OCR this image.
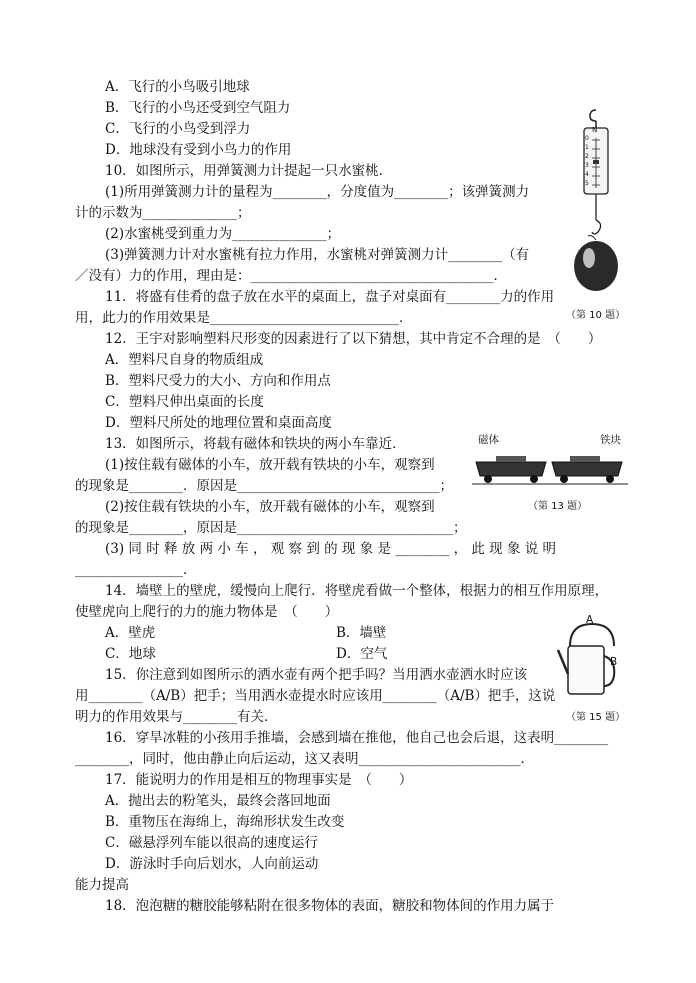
A．飞行的小鸟吸引地球
B．飞行的小鸟还受到空气阻力
C．飞行的小鸟受到浮力
D．地球没有受到小鸟力的作用
10．如图所示，用弹簧测力计提起一只水蜜桃．
(1)所用弹簧测力计的量程为________，分度值为________；该弹簧测力
计的示数为______________；
(2)水蜜桃受到重力为______________；
(3)弹簧测力计对水蜜桃有拉力作用，水蜜桃对弹簧测力计________（有
／没有）力的作用，理由是：____________________________________．
11．将盛有佳肴的盘子放在水平的桌面上，盘子对桌面有________力的作用
用，此力的作用效果是____________________________．
12．王宇对影响塑料尺形变的因素进行了以下猜想，其中肯定不合理的是　（　　）
A．塑料尺自身的物质组成
B．塑料尺受力的大小、方向和作用点
C．塑料尺伸出桌面的长度
D．塑料尺所处的地理位置和桌面高度
13．如图所示，将载有磁体和铁块的两小车靠近．
(1)按住载有磁体的小车，放开载有铁块的小车，观察到
的现象是________．原因是______________________________；
(2)按住载有铁块的小车，放开载有磁体的小车，观察到
的现象是________，原因是________________________________；
(3) 同 时 释 放 两 小 车 ， 观 察 到 的 现 象 是 ________ ， 此 现 象 说 明
________________．
14．墙壁上的壁虎，缓慢向上爬行．将壁虎看做一个整体，根据力的相互作用原理，
使壁虎向上爬行的力的施力物体是　（　　）
A．壁虎	B．墙壁
C．地球	D．空气
15．你注意到如图所示的洒水壶有两个把手吗？当用洒水壶洒水时应该
用________（A/B）把手；当用洒水壶提水时应该用________（A/B）把手，这说
明力的作用效果与________有关．
16．穿旱冰鞋的小孩用手推墙，会感到墙在推他，他自己也会后退，这表明________
________，同时，他由静止向后运动，这又表明________________________．
17．能说明力的作用是相互的物理事实是　（　　）
A．抛出去的粉笔头，最终会落回地面
B．重物压在海绵上，海绵形状发生改变
C．磁悬浮列车能以很高的速度运行
D．游泳时手向后划水，人向前运动
能力提高
18．泡泡糖的糖胶能够粘附在很多物体的表面，糖胶和物体间的作用力属于
N
0
1
2
3
4
5
（第 10 题）
磁体	铁块
（第 13 题）
A
B
（第 15 题）
